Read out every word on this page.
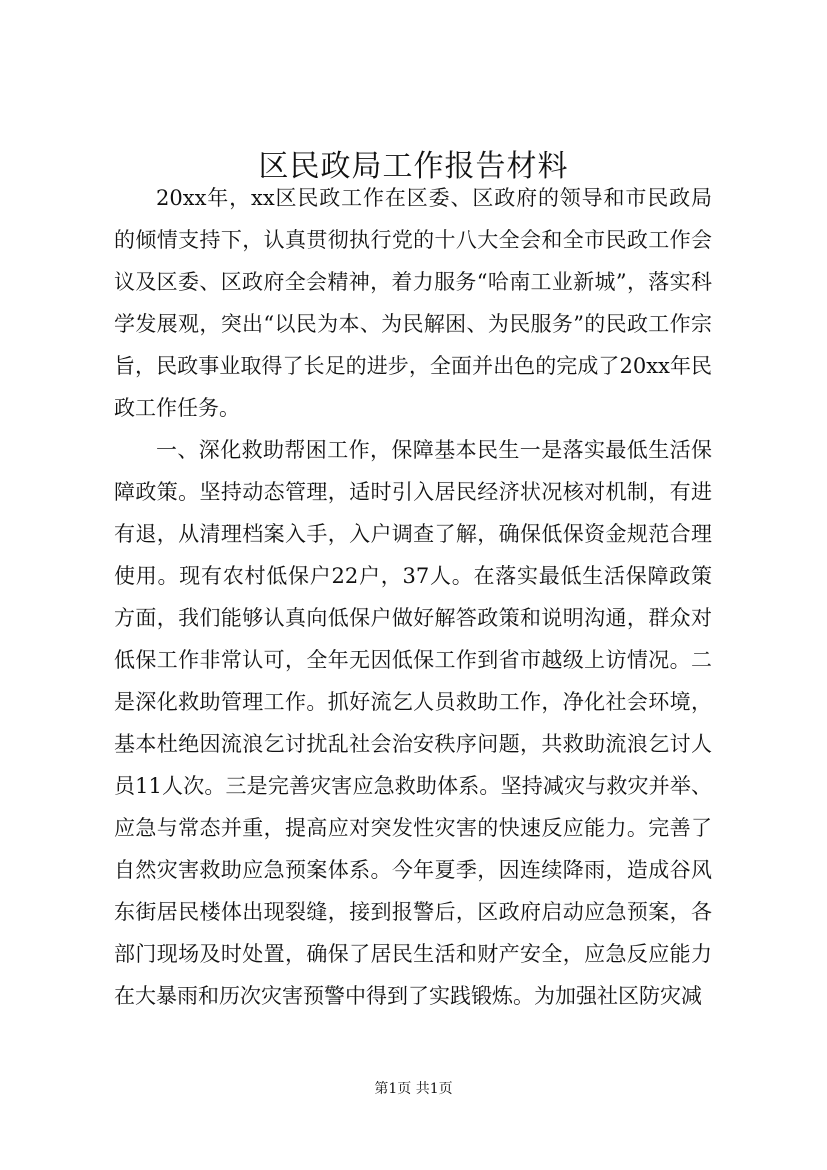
区民政局工作报告材料

20xx年，xx区民政工作在区委、区政府的领导和市民政局的倾情支持下，认真贯彻执行党的十八大全会和全市民政工作会议及区委、区政府全会精神，着力服务“哈南工业新城”，落实科学发展观，突出“以民为本、为民解困、为民服务”的民政工作宗旨，民政事业取得了长足的进步，全面并出色的完成了20xx年民政工作任务。

一、深化救助帮困工作，保障基本民生一是落实最低生活保障政策。坚持动态管理，适时引入居民经济状况核对机制，有进有退，从清理档案入手，入户调查了解，确保低保资金规范合理使用。现有农村低保户22户，37人。在落实最低生活保障政策方面，我们能够认真向低保户做好解答政策和说明沟通，群众对低保工作非常认可，全年无因低保工作到省市越级上访情况。二是深化救助管理工作。抓好流乞人员救助工作，净化社会环境，基本杜绝因流浪乞讨扰乱社会治安秩序问题，共救助流浪乞讨人员11人次。三是完善灾害应急救助体系。坚持减灾与救灾并举、应急与常态并重，提高应对突发性灾害的快速反应能力。完善了自然灾害救助应急预案体系。今年夏季，因连续降雨，造成谷风东街居民楼体出现裂缝，接到报警后，区政府启动应急预案，各部门现场及时处置，确保了居民生活和财产安全，应急反应能力在大暴雨和历次灾害预警中得到了实践锻炼。为加强社区防灾减

第1页 共1页
